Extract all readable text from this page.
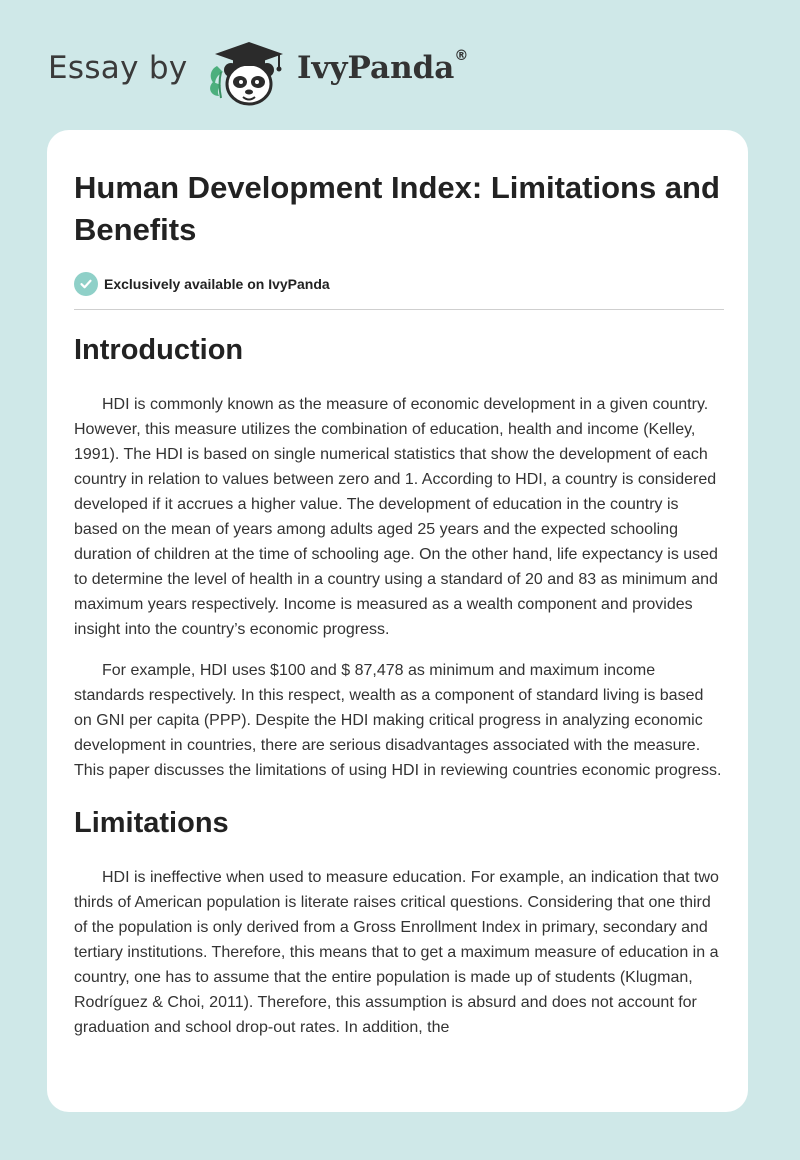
Essay by	IvyPanda®
Human Development Index: Limitations and Benefits
Exclusively available on IvyPanda
Introduction

HDI is commonly known as the measure of economic development in a given country. However, this measure utilizes the combination of education, health and income (Kelley, 1991). The HDI is based on single numerical statistics that show the development of each country in relation to values between zero and 1. According to HDI, a country is considered developed if it accrues a higher value. The development of education in the country is based on the mean of years among adults aged 25 years and the expected schooling duration of children at the time of schooling age. On the other hand, life expectancy is used to determine the level of health in a country using a standard of 20 and 83 as minimum and maximum years respectively. Income is measured as a wealth component and provides insight into the country’s economic progress.

For example, HDI uses $100 and $ 87,478 as minimum and maximum income standards respectively. In this respect, wealth as a component of standard living is based on GNI per capita (PPP). Despite the HDI making critical progress in analyzing economic development in countries, there are serious disadvantages associated with the measure. This paper discusses the limitations of using HDI in reviewing countries economic progress.

Limitations

HDI is ineffective when used to measure education. For example, an indication that two thirds of American population is literate raises critical questions. Considering that one third of the population is only derived from a Gross Enrollment Index in primary, secondary and tertiary institutions. Therefore, this means that to get a maximum measure of education in a country, one has to assume that the entire population is made up of students (Klugman, Rodríguez & Choi, 2011). Therefore, this assumption is absurd and does not account for graduation and school drop-out rates. In addition, the
